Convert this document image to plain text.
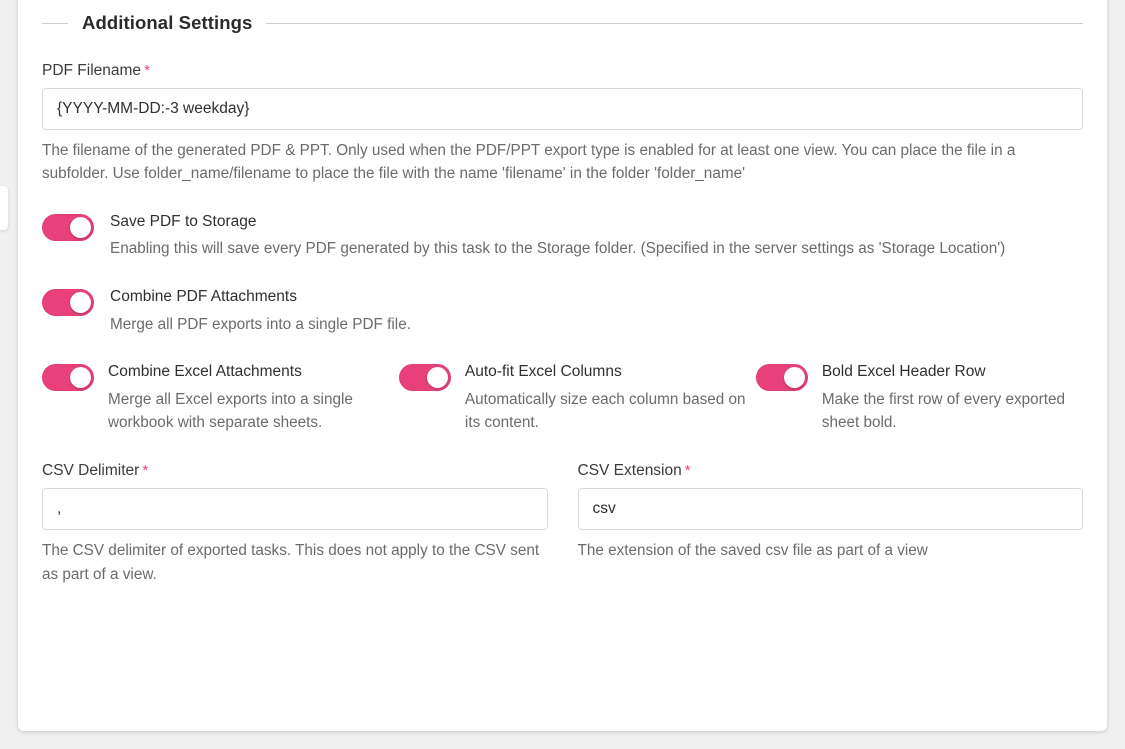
Additional Settings
PDF Filename *
{YYYY-MM-DD:-3 weekday}
The filename of the generated PDF & PPT. Only used when the PDF/PPT export type is enabled for at least one view. You can place the file in a subfolder. Use folder_name/filename to place the file with the name 'filename' in the folder 'folder_name'
Save PDF to Storage
Enabling this will save every PDF generated by this task to the Storage folder. (Specified in the server settings as 'Storage Location')
Combine PDF Attachments
Merge all PDF exports into a single PDF file.
Combine Excel Attachments
Merge all Excel exports into a single workbook with separate sheets.
Auto-fit Excel Columns
Automatically size each column based on its content.
Bold Excel Header Row
Make the first row of every exported sheet bold.
CSV Delimiter *
,
The CSV delimiter of exported tasks. This does not apply to the CSV sent as part of a view.
CSV Extension *
csv
The extension of the saved csv file as part of a view
